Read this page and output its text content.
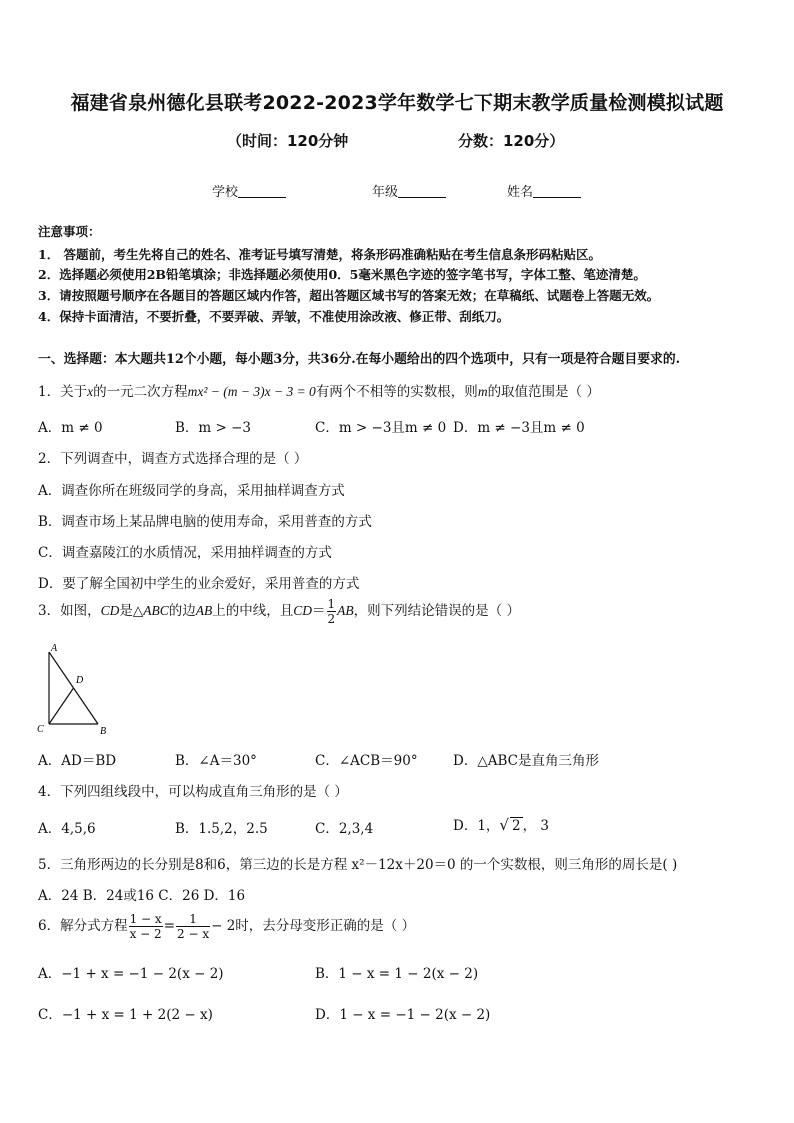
福建省泉州德化县联考2022-2023学年数学七下期末教学质量检测模拟试题
（时间：120分钟	分数：120分）
学校	年级	姓名
注意事项：
1． 答题前，考生先将自己的姓名、准考证号填写清楚，将条形码准确粘贴在考生信息条形码粘贴区。
2．选择题必须使用2B铅笔填涂；非选择题必须使用0．5毫米黑色字迹的签字笔书写，字体工整、笔迹清楚。
3．请按照题号顺序在各题目的答题区域内作答，超出答题区域书写的答案无效；在草稿纸、试题卷上答题无效。
4．保持卡面清洁，不要折叠，不要弄破、弄皱，不准使用涂改液、修正带、刮纸刀。
一、选择题：本大题共12个小题，每小题3分，共36分.在每小题给出的四个选项中，只有一项是符合题目要求的.
1．关于x的一元二次方程mx² − (m − 3)x − 3 = 0有两个不相等的实数根，则m的取值范围是（ ）
A．m ≠ 0	B．m > −3	C．m > −3且m ≠ 0 D．m ≠ −3且m ≠ 0
2．下列调查中，调查方式选择合理的是（ ）
A．调查你所在班级同学的身高，采用抽样调查方式
B．调查市场上某品牌电脑的使用寿命，采用普查的方式
C．调查嘉陵江的水质情况，采用抽样调查的方式
D．要了解全国初中学生的业余爱好，采用普查的方式
3．如图，CD是△ABC的边AB上的中线，且$CD= \frac{1}{2}$ AB，则下列结论错误的是（ ）
A
D
C	B
A．AD＝BD	B．∠A＝30°	C．∠ACB＝90°	D．△ABC是直角三角形
4．下列四组线段中，可以构成直角三角形的是（ ）
A．4,5,6	B．1.5,2，2.5	C．2,3,4	D．1，√ 2 ， 3
5．三角形两边的长分别是8和6，第三边的长是方程 x²－12x＋20＝0 的一个实数根，则三角形的周长是( )
A．24 B．24或16 C．26 D．16
6．解分式方程 $\frac{1 - x}{x - 2} = \frac{1}{2 - x} - 2$时，去分母变形正确的是（ ）
A．−1 + x = −1 − 2(x − 2)	B．1 − x = 1 − 2(x − 2)
C．−1 + x = 1 + 2(2 − x)	D．1 − x = −1 − 2(x − 2)
